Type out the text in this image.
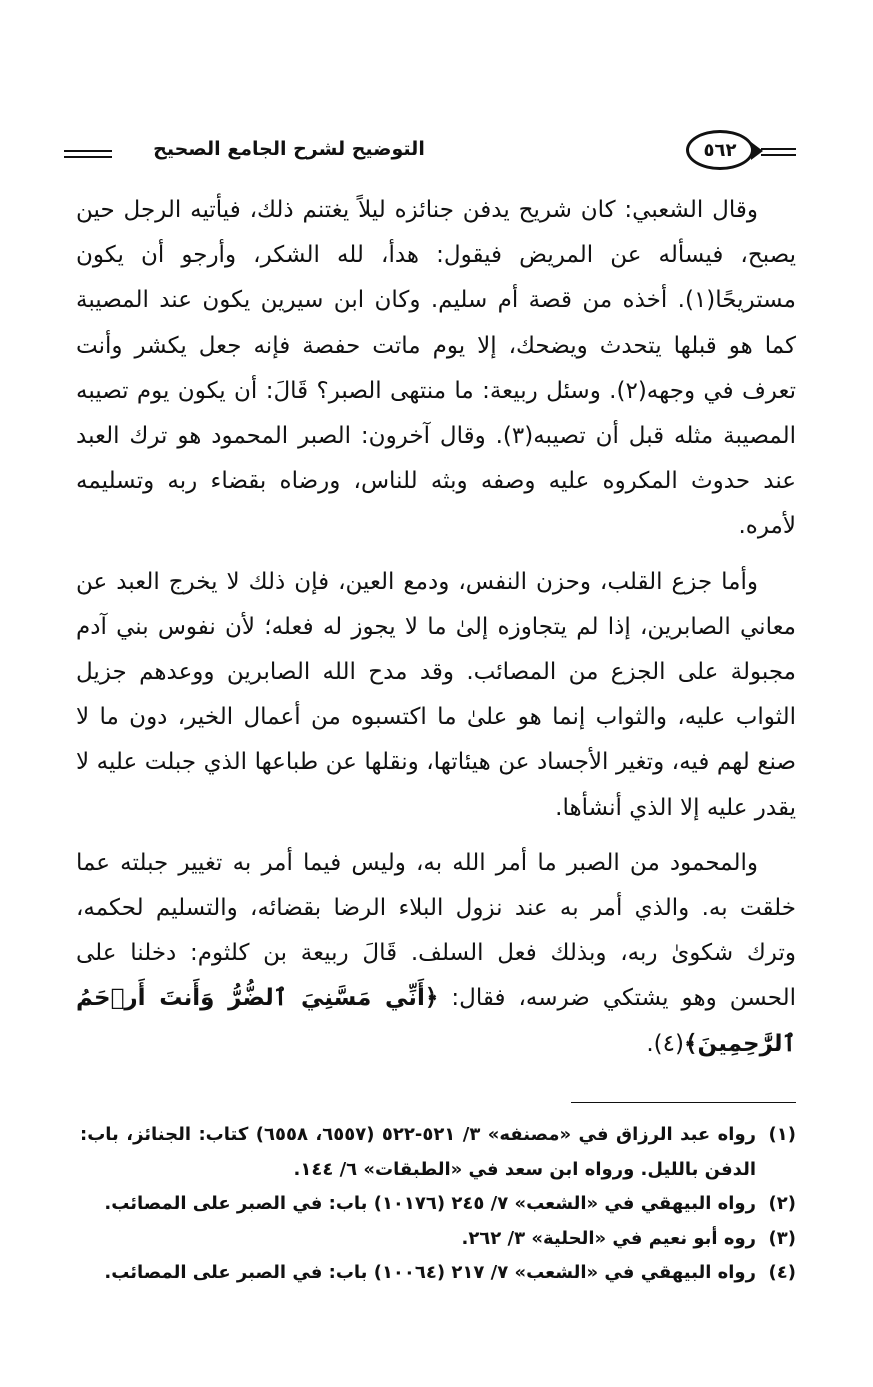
التوضيح لشرح الجامع الصحيح	٥٦٢

وقال الشعبي: كان شريح يدفن جنائزه ليلاً يغتنم ذلك، فيأتيه الرجل حين يصبح، فيسأله عن المريض فيقول: هدأ، لله الشكر، وأرجو أن يكون مستريحًا(١). أخذه من قصة أم سليم. وكان ابن سيرين يكون عند المصيبة كما هو قبلها يتحدث ويضحك، إلا يوم ماتت حفصة فإنه جعل يكشر وأنت تعرف في وجهه(٢). وسئل ربيعة: ما منتهى الصبر؟ قَالَ: أن يكون يوم تصيبه المصيبة مثله قبل أن تصيبه(٣). وقال آخرون: الصبر المحمود هو ترك العبد عند حدوث المكروه عليه وصفه وبثه للناس، ورضاه بقضاء ربه وتسليمه لأمره.

وأما جزع القلب، وحزن النفس، ودمع العين، فإن ذلك لا يخرج العبد عن معاني الصابرين، إذا لم يتجاوزه إلىٰ ما لا يجوز له فعله؛ لأن نفوس بني آدم مجبولة على الجزع من المصائب. وقد مدح الله الصابرين ووعدهم جزيل الثواب عليه، والثواب إنما هو علىٰ ما اكتسبوه من أعمال الخير، دون ما لا صنع لهم فيه، وتغير الأجساد عن هيئاتها، ونقلها عن طباعها الذي جبلت عليه لا يقدر عليه إلا الذي أنشأها.

والمحمود من الصبر ما أمر الله به، وليس فيما أمر به تغيير جبلته عما خلقت به. والذي أمر به عند نزول البلاء الرضا بقضائه، والتسليم لحكمه، وترك شكوىٰ ربه، وبذلك فعل السلف. قَالَ ربيعة بن كلثوم: دخلنا على الحسن وهو يشتكي ضرسه، فقال: ﴿أَنِّي مَسَّنِيَ ٱلضُّرُّ وَأَنتَ أَرۡحَمُ ٱلرَّٰحِمِينَ﴾(٤).

(١)
رواه عبد الرزاق في «مصنفه» ٣/ ٥٢١-٥٢٢ (٦٥٥٧، ٦٥٥٨) كتاب: الجنائز، باب: الدفن بالليل. ورواه ابن سعد في «الطبقات» ٦/ ١٤٤.
(٢)
رواه البيهقي في «الشعب» ٧/ ٢٤٥ (١٠١٧٦) باب: في الصبر على المصائب.
(٣)
روه أبو نعيم في «الحلية» ٣/ ٢٦٢.
(٤)
رواه البيهقي في «الشعب» ٧/ ٢١٧ (١٠٠٦٤) باب: في الصبر على المصائب.
